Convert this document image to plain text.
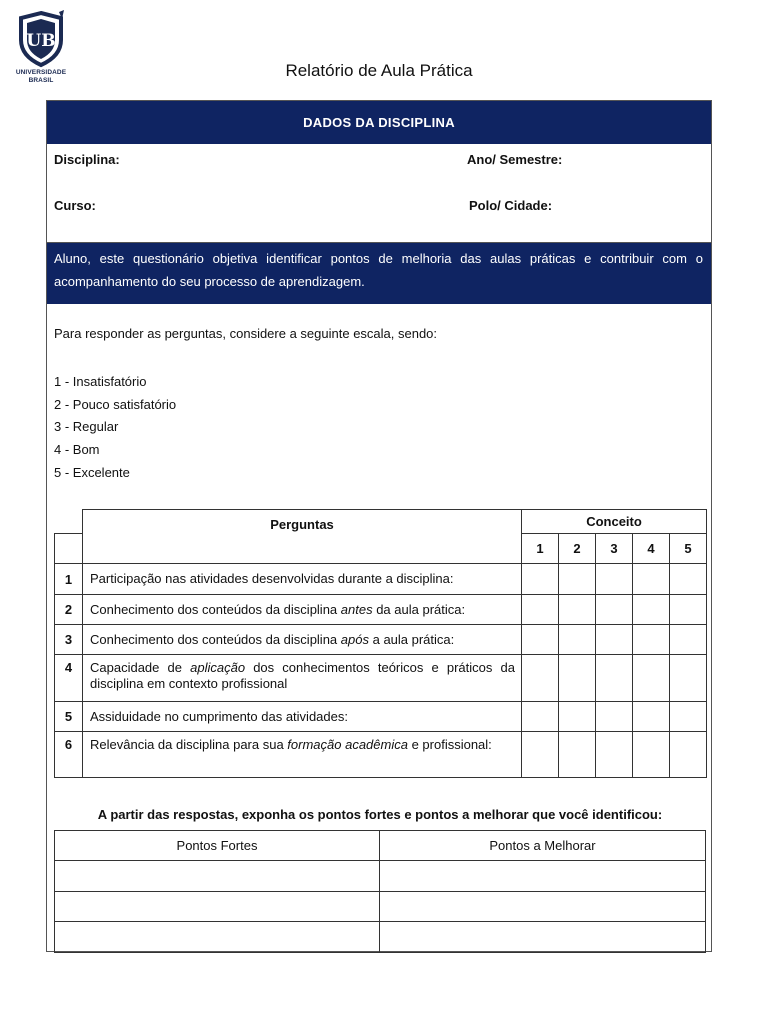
UB
UNIVERSIDADE
BRASIL
Relatório de Aula Prática
DADOS DA DISCIPLINA
Disciplina:	Ano/ Semestre:
Curso:	Polo/ Cidade:
Aluno, este questionário objetiva identificar pontos de melhoria das aulas práticas e contribuir com o acompanhamento do seu processo de aprendizagem.
Para responder as perguntas, considere a seguinte escala, sendo:
1 - Insatisfatório
2 - Pouco satisfatório
3 - Regular
4 - Bom
5 - Excelente
	Perguntas	Conceito				
		1	2	3	4	5
1	Participação nas atividades desenvolvidas durante a disciplina:					
2	Conhecimento dos conteúdos da disciplina antes da aula prática:					
3	Conhecimento dos conteúdos da disciplina após a aula prática:					
4	Capacidade de aplicação dos conhecimentos teóricos e práticos da disciplina em contexto profissional					
5	Assiduidade no cumprimento das atividades:					
6	Relevância da disciplina para sua formação acadêmica e profissional:					
A partir das respostas, exponha os pontos fortes e pontos a melhorar que você identificou:
Pontos Fortes	Pontos a Melhorar
